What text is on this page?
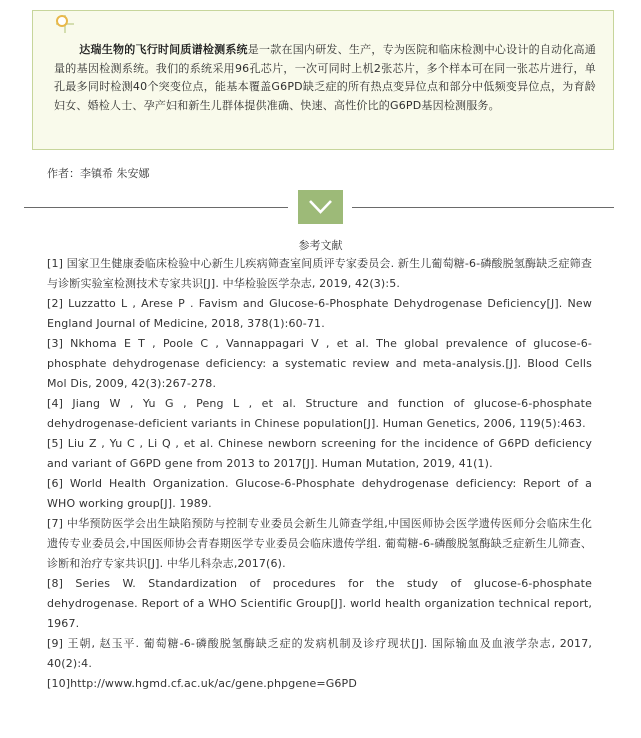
达瑞生物的飞行时间质谱检测系统是一款在国内研发、生产，专为医院和临床检测中心设计的自动化高通量的基因检测系统。我们的系统采用96孔芯片，一次可同时上机2张芯片，多个样本可在同一张芯片进行，单孔最多同时检测40个突变位点，能基本覆盖G6PD缺乏症的所有热点变异位点和部分中低频变异位点，为育龄妇女、婚检人士、孕产妇和新生儿群体提供准确、快速、高性价比的G6PD基因检测服务。

作者：李镇希 朱安娜
参考文献
[1] 国家卫生健康委临床检验中心新生儿疾病筛查室间质评专家委员会. 新生儿葡萄糖-6-磷酸脱氢酶缺乏症筛查与诊断实验室检测技术专家共识[J]. 中华检验医学杂志, 2019, 42(3):5.
[2] Luzzatto L , Arese P . Favism and Glucose-6-Phosphate Dehydrogenase Deficiency[J]. New England Journal of Medicine, 2018, 378(1):60-71.
[3] Nkhoma E T , Poole C , Vannappagari V , et al. The global prevalence of glucose-6-phosphate dehydrogenase deficiency: a systematic review and meta-analysis.[J]. Blood Cells Mol Dis, 2009, 42(3):267-278.
[4] Jiang W , Yu G , Peng L , et al. Structure and function of glucose-6-phosphate dehydrogenase-deficient variants in Chinese population[J]. Human Genetics, 2006, 119(5):463.
[5] Liu Z , Yu C , Li Q , et al. Chinese newborn screening for the incidence of G6PD deficiency and variant of G6PD gene from 2013 to 2017[J]. Human Mutation, 2019, 41(1).
[6] World Health Organization. Glucose-6-Phosphate dehydrogenase deficiency: Report of a WHO working group[J]. 1989.
[7] 中华预防医学会出生缺陷预防与控制专业委员会新生儿筛查学组,中国医师协会医学遗传医师分会临床生化遗传专业委员会,中国医师协会青春期医学专业委员会临床遗传学组. 葡萄糖-6-磷酸脱氢酶缺乏症新生儿筛查、诊断和治疗专家共识[J]. 中华儿科杂志,2017(6).
[8] Series W. Standardization of procedures for the study of glucose-6-phosphate dehydrogenase. Report of a WHO Scientific Group[J]. world health organization technical report, 1967.
[9] 王朝, 赵玉平. 葡萄糖-6-磷酸脱氢酶缺乏症的发病机制及诊疗现状[J]. 国际输血及血液学杂志, 2017, 40(2):4.
[10]http://www.hgmd.cf.ac.uk/ac/gene.phpgene=G6PD
